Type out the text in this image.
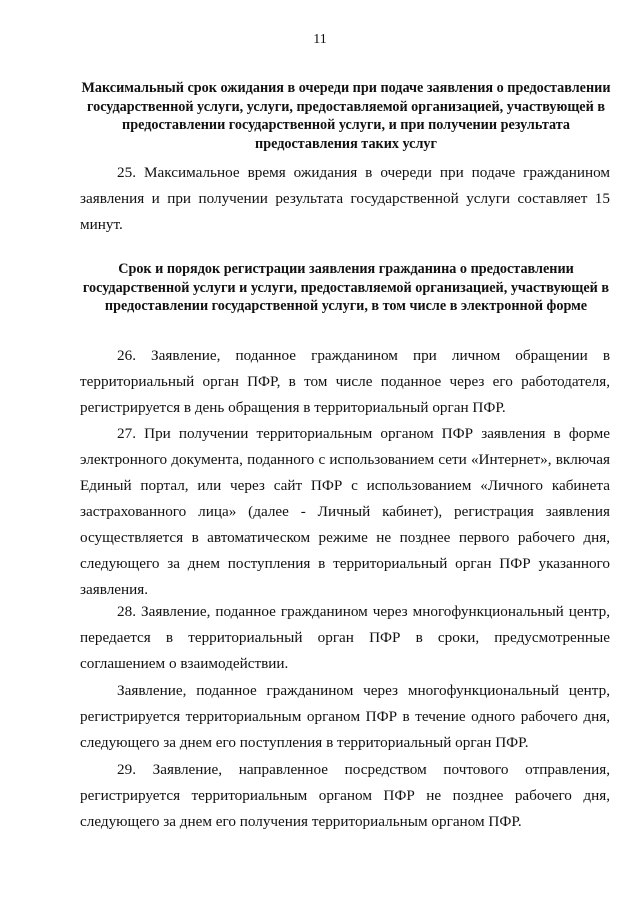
11
Максимальный срок ожидания в очереди при подаче заявления о предоставлении государственной услуги, услуги, предоставляемой организацией, участвующей в предоставлении государственной услуги, и при получении результата предоставления таких услуг

25. Максимальное время ожидания в очереди при подаче гражданином заявления и при получении результата государственной услуги составляет 15 минут.

Срок и порядок регистрации заявления гражданина о предоставлении государственной услуги и услуги, предоставляемой организацией, участвующей в предоставлении государственной услуги, в том числе в электронной форме

26. Заявление, поданное гражданином при личном обращении в территориальный орган ПФР, в том числе поданное через его работодателя, регистрируется в день обращения в территориальный орган ПФР.

27. При получении территориальным органом ПФР заявления в форме электронного документа, поданного с использованием сети «Интернет», включая Единый портал, или через сайт ПФР с использованием «Личного кабинета застрахованного лица» (далее - Личный кабинет), регистрация заявления осуществляется в автоматическом режиме не позднее первого рабочего дня, следующего за днем поступления в территориальный орган ПФР указанного заявления.

28. Заявление, поданное гражданином через многофункциональный центр, передается в территориальный орган ПФР в сроки, предусмотренные соглашением о взаимодействии.

Заявление, поданное гражданином через многофункциональный центр, регистрируется территориальным органом ПФР в течение одного рабочего дня, следующего за днем его поступления в территориальный орган ПФР.

29. Заявление, направленное посредством почтового отправления, регистрируется территориальным органом ПФР не позднее рабочего дня, следующего за днем его получения территориальным органом ПФР.
